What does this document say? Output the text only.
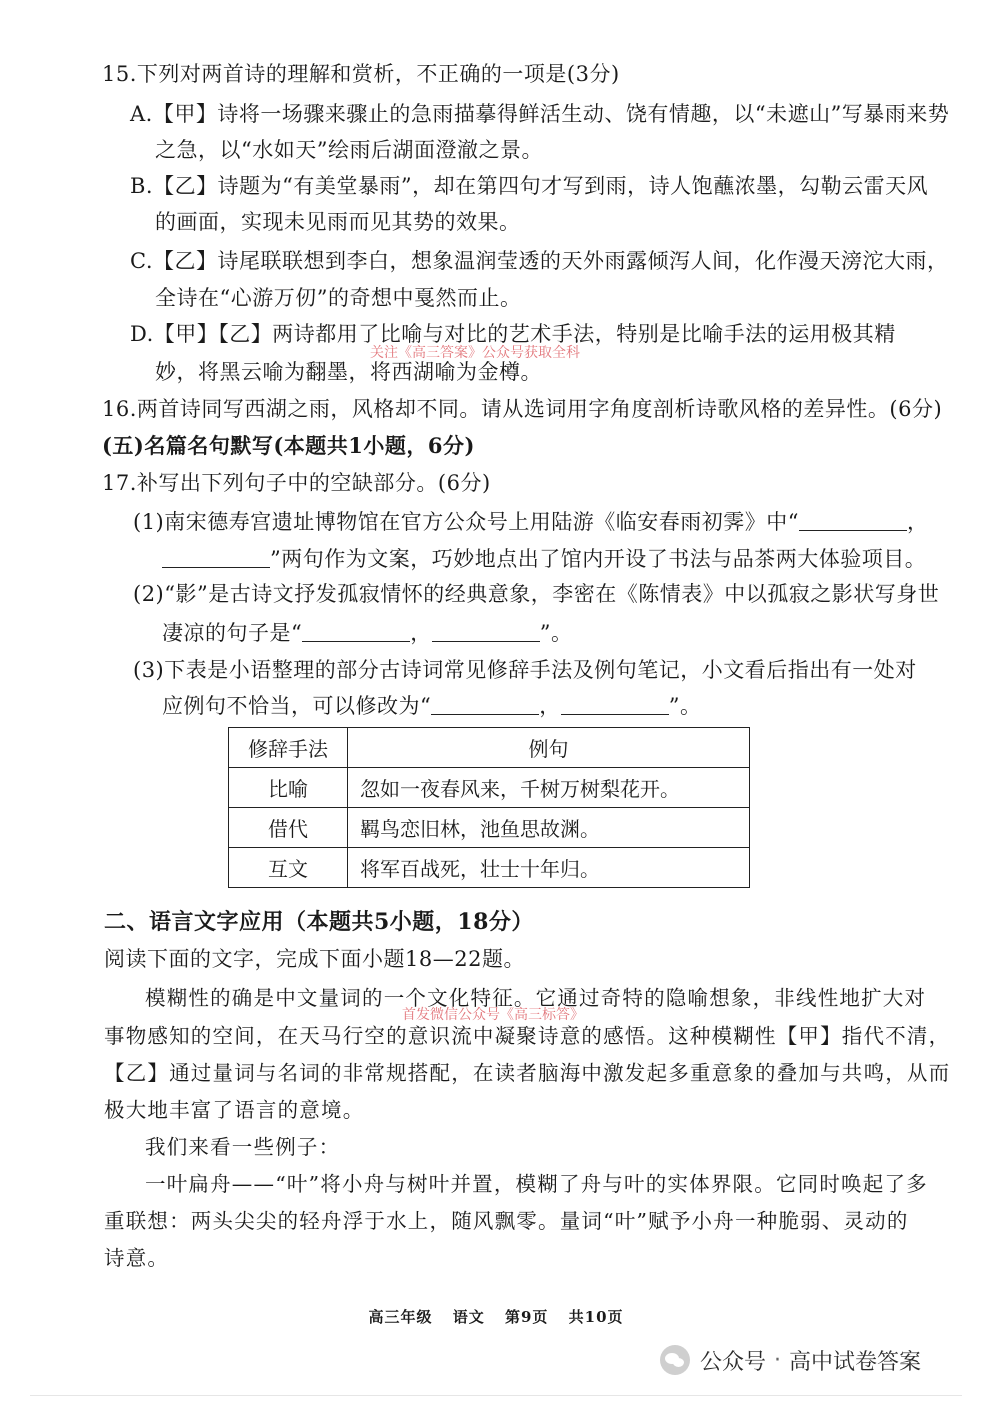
15.下列对两首诗的理解和赏析，不正确的一项是(3分)
A.【甲】诗将一场骤来骤止的急雨描摹得鲜活生动、饶有情趣，以“未遮山”写暴雨来势
之急，以“水如天”绘雨后湖面澄澈之景。
B.【乙】诗题为“有美堂暴雨”，却在第四句才写到雨，诗人饱蘸浓墨，勾勒云雷天风
的画面，实现未见雨而见其势的效果。
C.【乙】诗尾联联想到李白，想象温润莹透的天外雨露倾泻人间，化作漫天滂沱大雨，
全诗在“心游万仞”的奇想中戛然而止。
D.【甲】【乙】两诗都用了比喻与对比的艺术手法，特别是比喻手法的运用极其精
妙，将黑云喻为翻墨，将西湖喻为金樽。
关注《高三答案》公众号获取全科
16.两首诗同写西湖之雨，风格却不同。请从选词用字角度剖析诗歌风格的差异性。(6分)
(五)名篇名句默写(本题共1小题，6分)
17.补写出下列句子中的空缺部分。(6分)
(1)南宋德寿宫遗址博物馆在官方公众号上用陆游《临安春雨初霁》中“	，
”两句作为文案，巧妙地点出了馆内开设了书法与品茶两大体验项目。
(2)“影”是古诗文抒发孤寂情怀的经典意象，李密在《陈情表》中以孤寂之影状写身世
凄凉的句子是“	，	”。
(3)下表是小语整理的部分古诗词常见修辞手法及例句笔记，小文看后指出有一处对
应例句不恰当，可以修改为“	，	”。
修辞手法	例句
比喻	忽如一夜春风来，千树万树梨花开。
借代	羁鸟恋旧林，池鱼思故渊。
互文	将军百战死，壮士十年归。
二、语言文字应用（本题共5小题，18分）
阅读下面的文字，完成下面小题18—22题。
模糊性的确是中文量词的一个文化特征。它通过奇特的隐喻想象，非线性地扩大对
事物感知的空间，在天马行空的意识流中凝聚诗意的感悟。这种模糊性【甲】指代不清，
【乙】通过量词与名词的非常规搭配，在读者脑海中激发起多重意象的叠加与共鸣，从而
极大地丰富了语言的意境。
我们来看一些例子：
一叶扁舟——“叶”将小舟与树叶并置，模糊了舟与叶的实体界限。它同时唤起了多
重联想：两头尖尖的轻舟浮于水上，随风飘零。量词“叶”赋予小舟一种脆弱、灵动的
诗意。
首发微信公众号《高三标答》
高三年级 语文 第9页 共10页
公众号 · 高中试卷答案
